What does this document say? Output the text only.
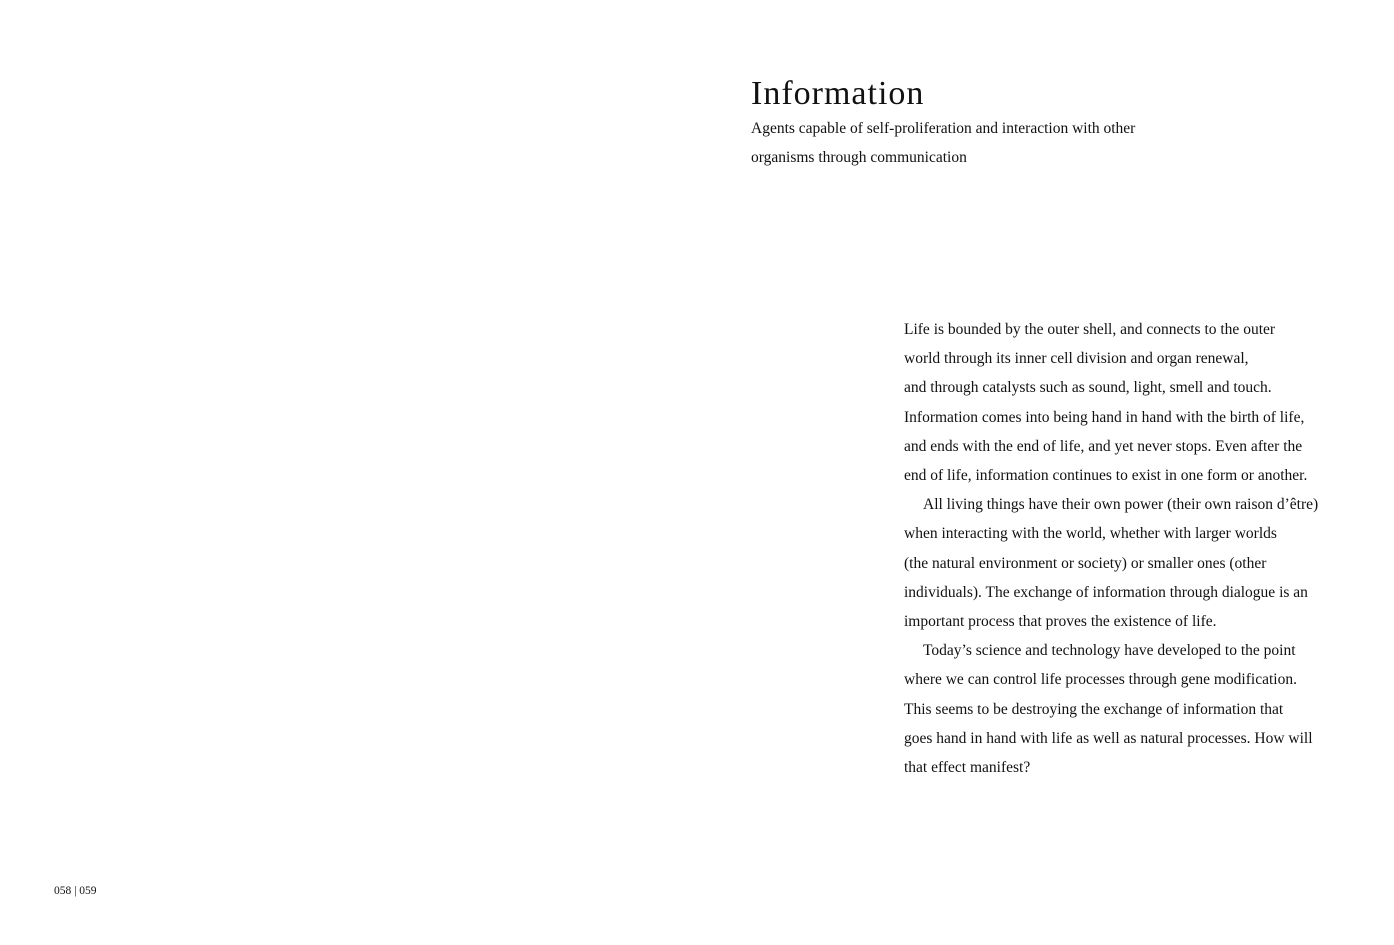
Information

Agents capable of self-proliferation and interaction with other
organisms through communication

Life is bounded by the outer shell, and connects to the outer
world through its inner cell division and organ renewal,
and through catalysts such as sound, light, smell and touch.
Information comes into being hand in hand with the birth of life,
and ends with the end of life, and yet never stops. Even after the
end of life, information continues to exist in one form or another.
All living things have their own power (their own raison d’être)
when interacting with the world, whether with larger worlds
(the natural environment or society) or smaller ones (other
individuals). The exchange of information through dialogue is an
important process that proves the existence of life.
Today’s science and technology have developed to the point
where we can control life processes through gene modification.
This seems to be destroying the exchange of information that
goes hand in hand with life as well as natural processes. How will
that effect manifest?
058 | 059
